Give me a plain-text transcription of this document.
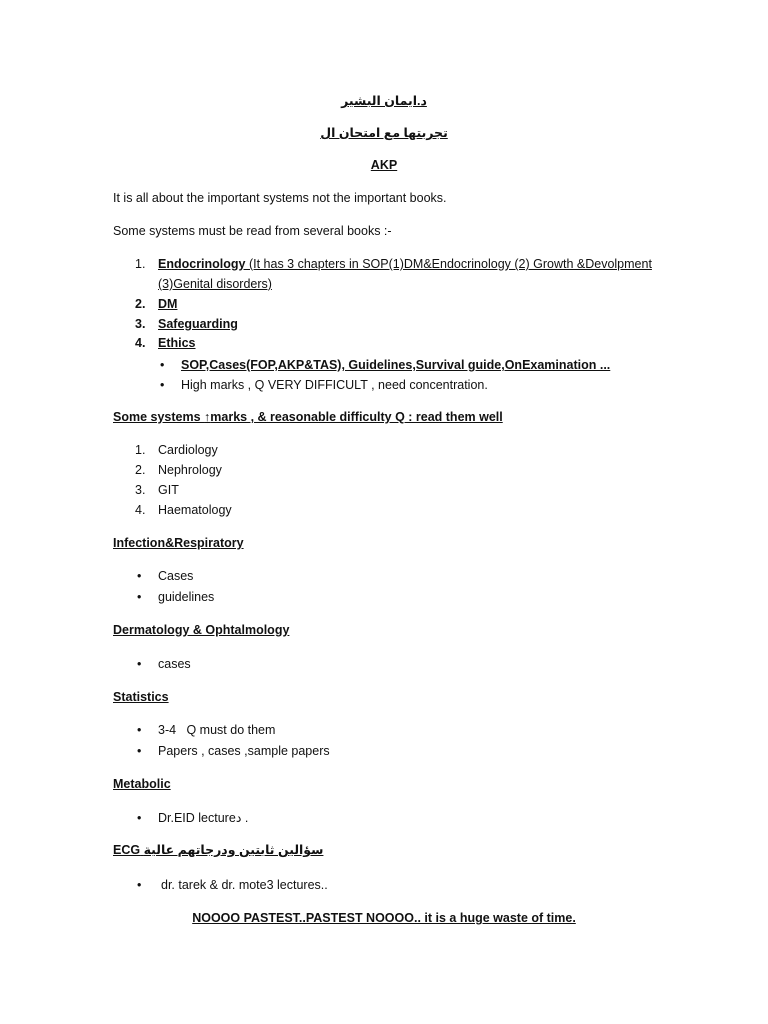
د.ايمان البشير
تجربتها مع امتحان ال
AKP
It is all about the important systems not the important books.
Some systems must be read from several books :-
1. Endocrinology (It has 3 chapters in SOP(1)DM&Endocrinology (2) Growth &Devolpment
(3)Genital disorders)
2. DM
3. Safeguarding
4. Ethics
• SOP,Cases(FOP,AKP&TAS), Guidelines,Survival guide,OnExamination ...
• High marks , Q VERY DIFFICULT , need concentration.
Some systems ↑marks , & reasonable difficulty Q : read them well
1. Cardiology
2. Nephrology
3. GIT
4. Haematology
Infection&Respiratory
• Cases
• guidelines
Dermatology & Ophtalmology
• cases
Statistics
• 3-4   Q must do them
• Papers , cases ,sample papers
Metabolic
• Dr.EID lectureد .
ECG سؤالين ثابتين ودرجاتهم عالية
• dr. tarek & dr. mote3 lectures..
NOOOO PASTEST..PASTEST NOOOO.. it is a huge waste of time.
